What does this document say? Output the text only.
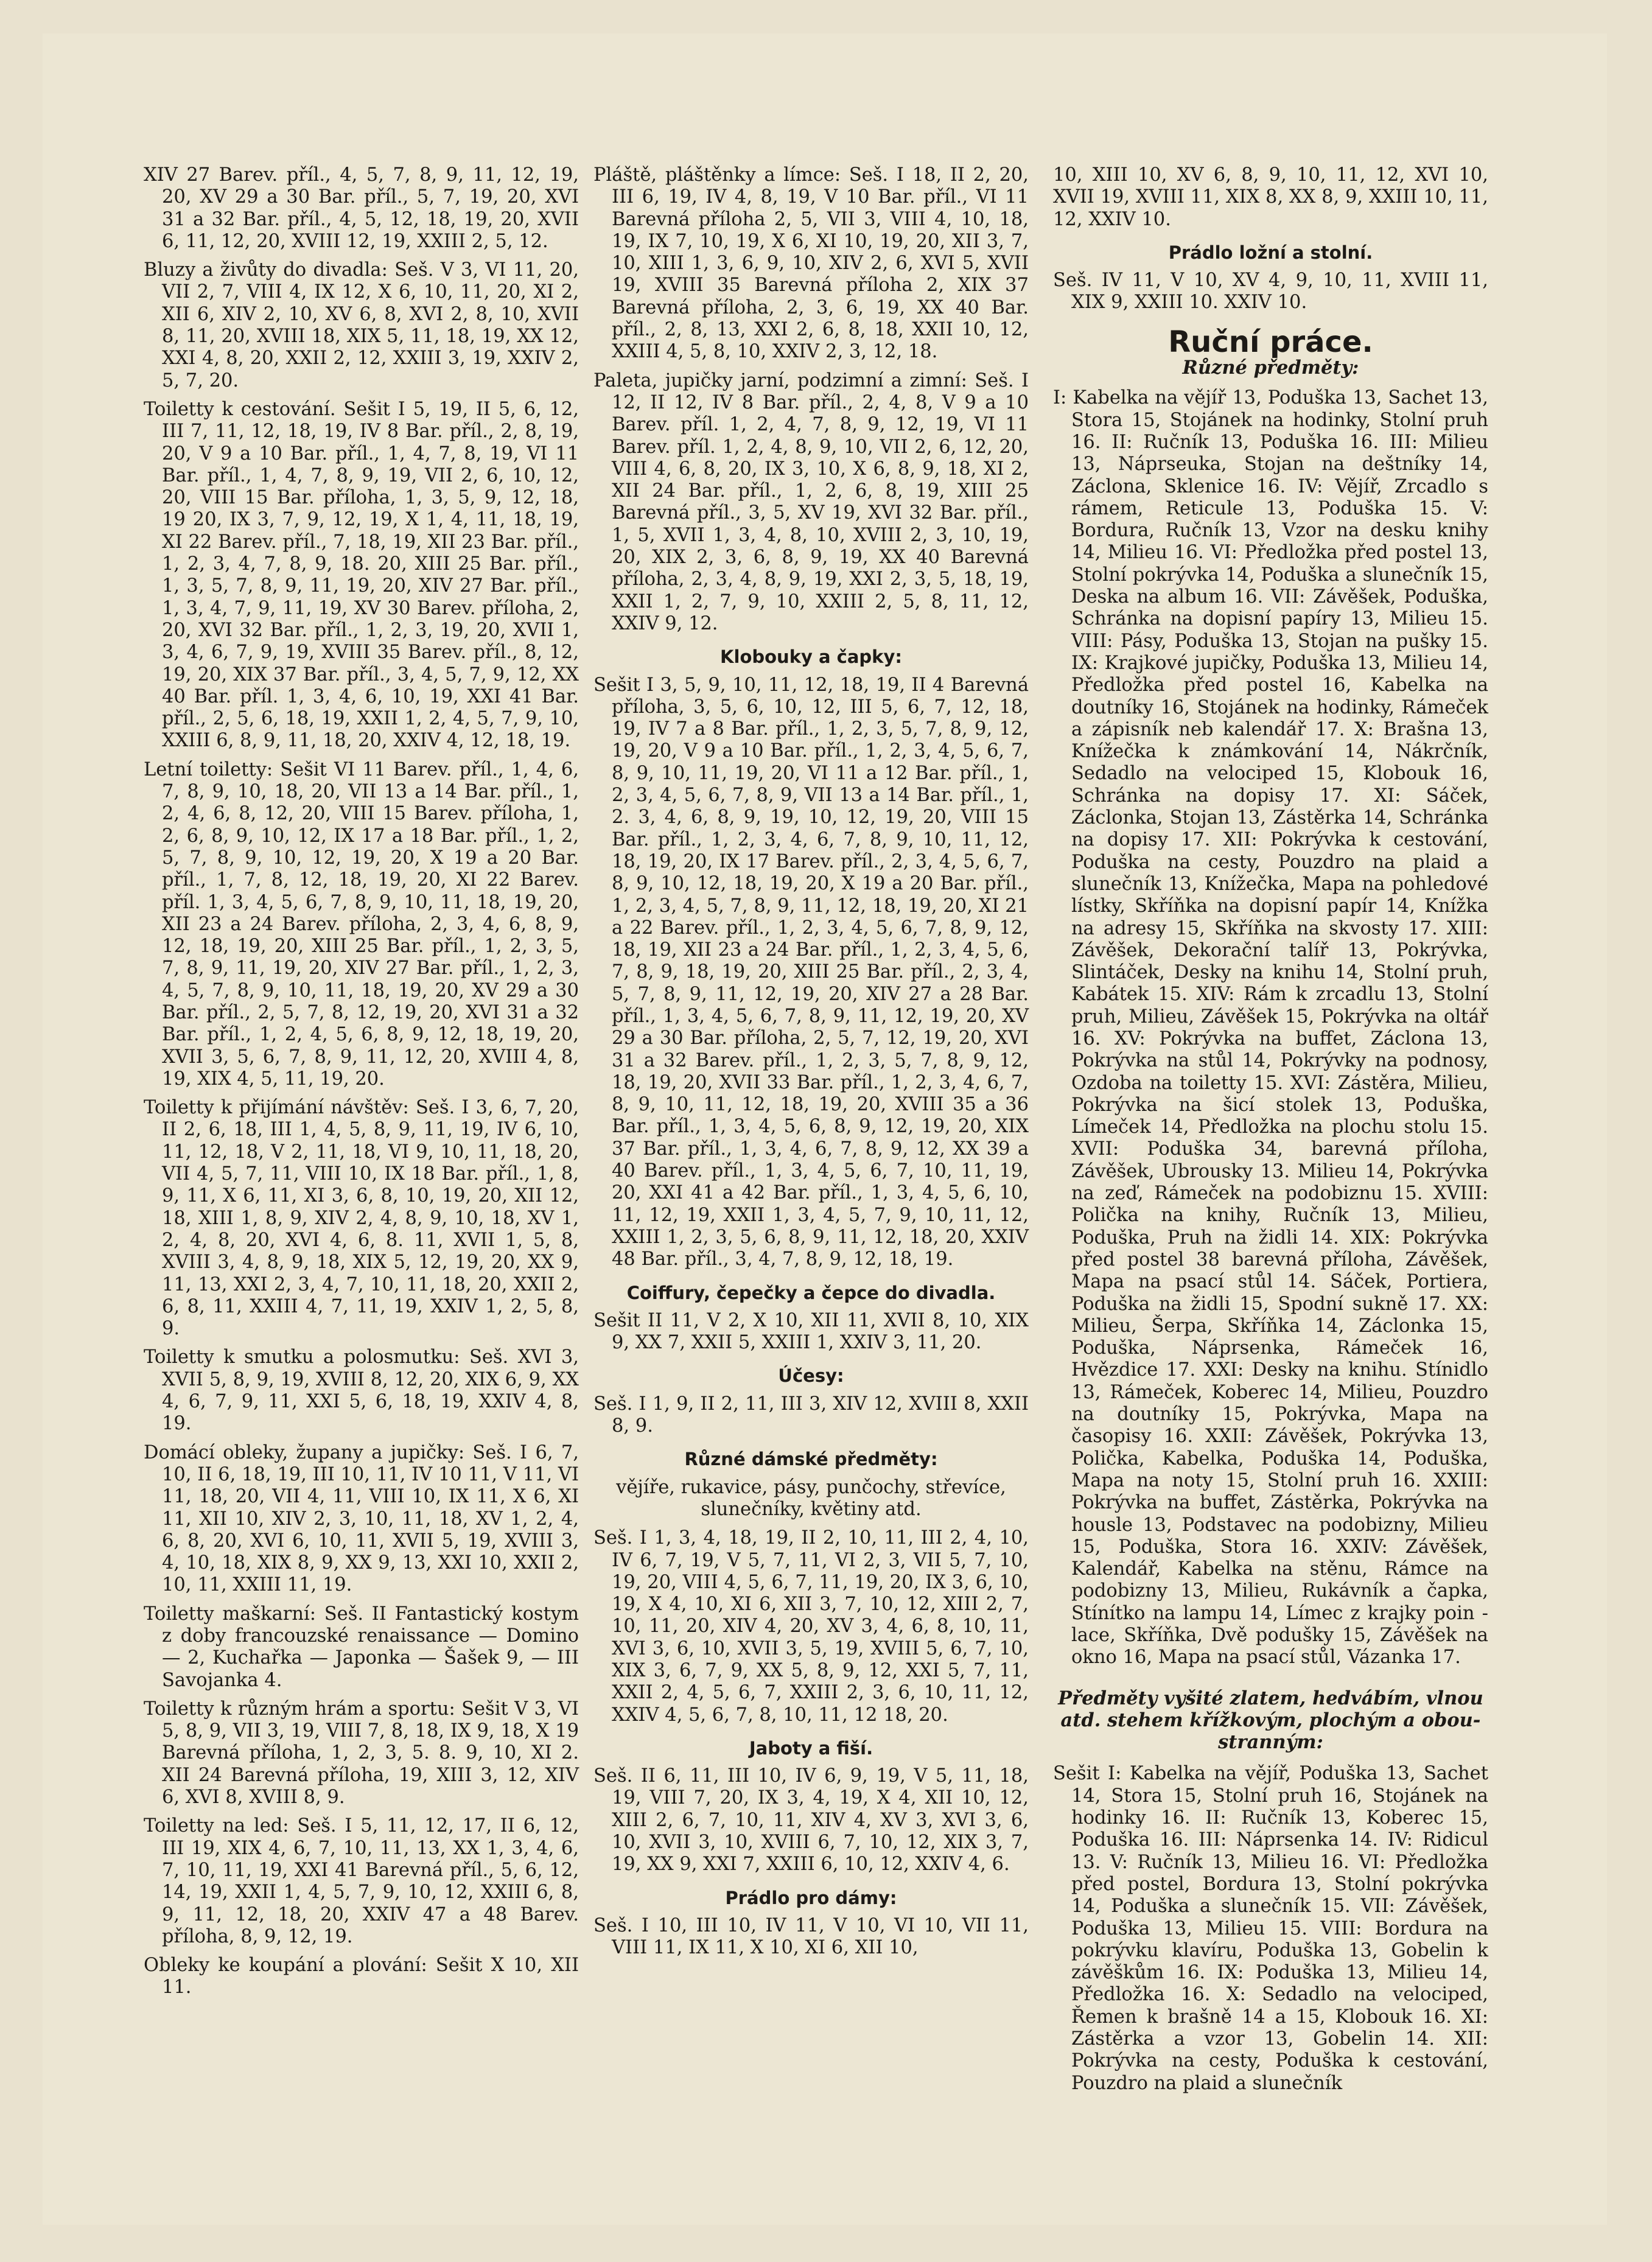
XIV 27 Barev. příl., 4, 5, 7, 8, 9, 11, 12, 19, 20, XV 29 a 30 Bar. příl., 5, 7, 19, 20, XVI 31 a 32 Bar. příl., 4, 5, 12, 18, 19, 20, XVII 6, 11, 12, 20, XVIII 12, 19, XXIII 2, 5, 12.

Bluzy a živůty do divadla: Seš. V 3, VI 11, 20, VII 2, 7, VIII 4, IX 12, X 6, 10, 11, 20, XI 2, XII 6, XIV 2, 10, XV 6, 8, XVI 2, 8, 10, XVII 8, 11, 20, XVIII 18, XIX 5, 11, 18, 19, XX 12, XXI 4, 8, 20, XXII 2, 12, XXIII 3, 19, XXIV 2, 5, 7, 20.

Toiletty k cestování. Sešit I 5, 19, II 5, 6, 12, III 7, 11, 12, 18, 19, IV 8 Bar. příl., 2, 8, 19, 20, V 9 a 10 Bar. příl., 1, 4, 7, 8, 19, VI 11 Bar. příl., 1, 4, 7, 8, 9, 19, VII 2, 6, 10, 12, 20, VIII 15 Bar. příloha, 1, 3, 5, 9, 12, 18, 19 20, IX 3, 7, 9, 12, 19, X 1, 4, 11, 18, 19, XI 22 Barev. příl., 7, 18, 19, XII 23 Bar. příl., 1, 2, 3, 4, 7, 8, 9, 18. 20, XIII 25 Bar. příl., 1, 3, 5, 7, 8, 9, 11, 19, 20, XIV 27 Bar. příl., 1, 3, 4, 7, 9, 11, 19, XV 30 Barev. příloha, 2, 20, XVI 32 Bar. příl., 1, 2, 3, 19, 20, XVII 1, 3, 4, 6, 7, 9, 19, XVIII 35 Barev. příl., 8, 12, 19, 20, XIX 37 Bar. příl., 3, 4, 5, 7, 9, 12, XX 40 Bar. příl. 1, 3, 4, 6, 10, 19, XXI 41 Bar. příl., 2, 5, 6, 18, 19, XXII 1, 2, 4, 5, 7, 9, 10, XXIII 6, 8, 9, 11, 18, 20, XXIV 4, 12, 18, 19.

Letní toiletty: Sešit VI 11 Barev. příl., 1, 4, 6, 7, 8, 9, 10, 18, 20, VII 13 a 14 Bar. příl., 1, 2, 4, 6, 8, 12, 20, VIII 15 Barev. příloha, 1, 2, 6, 8, 9, 10, 12, IX 17 a 18 Bar. příl., 1, 2, 5, 7, 8, 9, 10, 12, 19, 20, X 19 a 20 Bar. příl., 1, 7, 8, 12, 18, 19, 20, XI 22 Barev. příl. 1, 3, 4, 5, 6, 7, 8, 9, 10, 11, 18, 19, 20, XII 23 a 24 Barev. příloha, 2, 3, 4, 6, 8, 9, 12, 18, 19, 20, XIII 25 Bar. příl., 1, 2, 3, 5, 7, 8, 9, 11, 19, 20, XIV 27 Bar. příl., 1, 2, 3, 4, 5, 7, 8, 9, 10, 11, 18, 19, 20, XV 29 a 30 Bar. příl., 2, 5, 7, 8, 12, 19, 20, XVI 31 a 32 Bar. příl., 1, 2, 4, 5, 6, 8, 9, 12, 18, 19, 20, XVII 3, 5, 6, 7, 8, 9, 11, 12, 20, XVIII 4, 8, 19, XIX 4, 5, 11, 19, 20.

Toiletty k přijímání návštěv: Seš. I 3, 6, 7, 20, II 2, 6, 18, III 1, 4, 5, 8, 9, 11, 19, IV 6, 10, 11, 12, 18, V 2, 11, 18, VI 9, 10, 11, 18, 20, VII 4, 5, 7, 11, VIII 10, IX 18 Bar. příl., 1, 8, 9, 11, X 6, 11, XI 3, 6, 8, 10, 19, 20, XII 12, 18, XIII 1, 8, 9, XIV 2, 4, 8, 9, 10, 18, XV 1, 2, 4, 8, 20, XVI 4, 6, 8. 11, XVII 1, 5, 8, XVIII 3, 4, 8, 9, 18, XIX 5, 12, 19, 20, XX 9, 11, 13, XXI 2, 3, 4, 7, 10, 11, 18, 20, XXII 2, 6, 8, 11, XXIII 4, 7, 11, 19, XXIV 1, 2, 5, 8, 9.

Toiletty k smutku a polosmutku: Seš. XVI 3, XVII 5, 8, 9, 19, XVIII 8, 12, 20, XIX 6, 9, XX 4, 6, 7, 9, 11, XXI 5, 6, 18, 19, XXIV 4, 8, 19.

Domácí obleky, župany a jupičky: Seš. I 6, 7, 10, II 6, 18, 19, III 10, 11, IV 10 11, V 11, VI 11, 18, 20, VII 4, 11, VIII 10, IX 11, X 6, XI 11, XII 10, XIV 2, 3, 10, 11, 18, XV 1, 2, 4, 6, 8, 20, XVI 6, 10, 11, XVII 5, 19, XVIII 3, 4, 10, 18, XIX 8, 9, XX 9, 13, XXI 10, XXII 2, 10, 11, XXIII 11, 19.

Toiletty maškarní: Seš. II Fantastický kostym z doby francouzské renaissance — Domino — 2, Kuchařka — Japonka — Šašek 9, — III Savojanka 4.

Toiletty k různým hrám a sportu: Sešit V 3, VI 5, 8, 9, VII 3, 19, VIII 7, 8, 18, IX 9, 18, X 19 Barevná příloha, 1, 2, 3, 5. 8. 9, 10, XI 2. XII 24 Barevná příloha, 19, XIII 3, 12, XIV 6, XVI 8, XVIII 8, 9.

Toiletty na led: Seš. I 5, 11, 12, 17, II 6, 12, III 19, XIX 4, 6, 7, 10, 11, 13, XX 1, 3, 4, 6, 7, 10, 11, 19, XXI 41 Barevná příl., 5, 6, 12, 14, 19, XXII 1, 4, 5, 7, 9, 10, 12, XXIII 6, 8, 9, 11, 12, 18, 20, XXIV 47 a 48 Barev. příloha, 8, 9, 12, 19.

Obleky ke koupání a plování: Sešit X 10, XII 11.

Pláště, pláštěnky a límce: Seš. I 18, II 2, 20, III 6, 19, IV 4, 8, 19, V 10 Bar. příl., VI 11 Barevná příloha 2, 5, VII 3, VIII 4, 10, 18, 19, IX 7, 10, 19, X 6, XI 10, 19, 20, XII 3, 7, 10, XIII 1, 3, 6, 9, 10, XIV 2, 6, XVI 5, XVII 19, XVIII 35 Barevná příloha 2, XIX 37 Barevná příloha, 2, 3, 6, 19, XX 40 Bar. příl., 2, 8, 13, XXI 2, 6, 8, 18, XXII 10, 12, XXIII 4, 5, 8, 10, XXIV 2, 3, 12, 18.

Paleta, jupičky jarní, podzimní a zimní: Seš. I 12, II 12, IV 8 Bar. příl., 2, 4, 8, V 9 a 10 Barev. příl. 1, 2, 4, 7, 8, 9, 12, 19, VI 11 Barev. příl. 1, 2, 4, 8, 9, 10, VII 2, 6, 12, 20, VIII 4, 6, 8, 20, IX 3, 10, X 6, 8, 9, 18, XI 2, XII 24 Bar. příl., 1, 2, 6, 8, 19, XIII 25 Barevná příl., 3, 5, XV 19, XVI 32 Bar. příl., 1, 5, XVII 1, 3, 4, 8, 10, XVIII 2, 3, 10, 19, 20, XIX 2, 3, 6, 8, 9, 19, XX 40 Barevná příloha, 2, 3, 4, 8, 9, 19, XXI 2, 3, 5, 18, 19, XXII 1, 2, 7, 9, 10, XXIII 2, 5, 8, 11, 12, XXIV 9, 12.

Klobouky a čapky:

Sešit I 3, 5, 9, 10, 11, 12, 18, 19, II 4 Barevná příloha, 3, 5, 6, 10, 12, III 5, 6, 7, 12, 18, 19, IV 7 a 8 Bar. příl., 1, 2, 3, 5, 7, 8, 9, 12, 19, 20, V 9 a 10 Bar. příl., 1, 2, 3, 4, 5, 6, 7, 8, 9, 10, 11, 19, 20, VI 11 a 12 Bar. příl., 1, 2, 3, 4, 5, 6, 7, 8, 9, VII 13 a 14 Bar. příl., 1, 2. 3, 4, 6, 8, 9, 19, 10, 12, 19, 20, VIII 15 Bar. příl., 1, 2, 3, 4, 6, 7, 8, 9, 10, 11, 12, 18, 19, 20, IX 17 Barev. příl., 2, 3, 4, 5, 6, 7, 8, 9, 10, 12, 18, 19, 20, X 19 a 20 Bar. příl., 1, 2, 3, 4, 5, 7, 8, 9, 11, 12, 18, 19, 20, XI 21 a 22 Barev. příl., 1, 2, 3, 4, 5, 6, 7, 8, 9, 12, 18, 19, XII 23 a 24 Bar. příl., 1, 2, 3, 4, 5, 6, 7, 8, 9, 18, 19, 20, XIII 25 Bar. příl., 2, 3, 4, 5, 7, 8, 9, 11, 12, 19, 20, XIV 27 a 28 Bar. příl., 1, 3, 4, 5, 6, 7, 8, 9, 11, 12, 19, 20, XV 29 a 30 Bar. příloha, 2, 5, 7, 12, 19, 20, XVI 31 a 32 Barev. příl., 1, 2, 3, 5, 7, 8, 9, 12, 18, 19, 20, XVII 33 Bar. příl., 1, 2, 3, 4, 6, 7, 8, 9, 10, 11, 12, 18, 19, 20, XVIII 35 a 36 Bar. příl., 1, 3, 4, 5, 6, 8, 9, 12, 19, 20, XIX 37 Bar. příl., 1, 3, 4, 6, 7, 8, 9, 12, XX 39 a 40 Barev. příl., 1, 3, 4, 5, 6, 7, 10, 11, 19, 20, XXI 41 a 42 Bar. příl., 1, 3, 4, 5, 6, 10, 11, 12, 19, XXII 1, 3, 4, 5, 7, 9, 10, 11, 12, XXIII 1, 2, 3, 5, 6, 8, 9, 11, 12, 18, 20, XXIV 48 Bar. příl., 3, 4, 7, 8, 9, 12, 18, 19.

Coiffury, čepečky a čepce do divadla.

Sešit II 11, V 2, X 10, XII 11, XVII 8, 10, XIX 9, XX 7, XXII 5, XXIII 1, XXIV 3, 11, 20.

Účesy:

Seš. I 1, 9, II 2, 11, III 3, XIV 12, XVIII 8, XXII 8, 9.

Různé dámské předměty:

vějíře, rukavice, pásy, punčochy, střevíce, slunečníky, květiny atd.

Seš. I 1, 3, 4, 18, 19, II 2, 10, 11, III 2, 4, 10, IV 6, 7, 19, V 5, 7, 11, VI 2, 3, VII 5, 7, 10, 19, 20, VIII 4, 5, 6, 7, 11, 19, 20, IX 3, 6, 10, 19, X 4, 10, XI 6, XII 3, 7, 10, 12, XIII 2, 7, 10, 11, 20, XIV 4, 20, XV 3, 4, 6, 8, 10, 11, XVI 3, 6, 10, XVII 3, 5, 19, XVIII 5, 6, 7, 10, XIX 3, 6, 7, 9, XX 5, 8, 9, 12, XXI 5, 7, 11, XXII 2, 4, 5, 6, 7, XXIII 2, 3, 6, 10, 11, 12, XXIV 4, 5, 6, 7, 8, 10, 11, 12 18, 20.

Jaboty a fiší.

Seš. II 6, 11, III 10, IV 6, 9, 19, V 5, 11, 18, 19, VIII 7, 20, IX 3, 4, 19, X 4, XII 10, 12, XIII 2, 6, 7, 10, 11, XIV 4, XV 3, XVI 3, 6, 10, XVII 3, 10, XVIII 6, 7, 10, 12, XIX 3, 7, 19, XX 9, XXI 7, XXIII 6, 10, 12, XXIV 4, 6.

Prádlo pro dámy:

Seš. I 10, III 10, IV 11, V 10, VI 10, VII 11, VIII 11, IX 11, X 10, XI 6, XII 10,

10, XIII 10, XV 6, 8, 9, 10, 11, 12, XVI 10, XVII 19, XVIII 11, XIX 8, XX 8, 9, XXIII 10, 11, 12, XXIV 10.

Prádlo ložní a stolní.

Seš. IV 11, V 10, XV 4, 9, 10, 11, XVIII 11, XIX 9, XXIII 10. XXIV 10.

Ruční práce.
Různé předměty:

I: Kabelka na vějíř 13, Poduška 13, Sachet 13, Stora 15, Stojánek na hodinky, Stolní pruh 16. II: Ručník 13, Poduška 16. III: Milieu 13, Náprseuka, Stojan na deštníky 14, Záclona, Sklenice 16. IV: Vějíř, Zrcadlo s rámem, Reticule 13, Poduška 15. V: Bordura, Ručník 13, Vzor na desku knihy 14, Milieu 16. VI: Předložka před postel 13, Stolní pokrývka 14, Poduška a slunečník 15, Deska na album 16. VII: Závěšek, Poduška, Schránka na dopisní papíry 13, Milieu 15. VIII: Pásy, Poduška 13, Stojan na pušky 15. IX: Krajkové jupičky, Poduška 13, Milieu 14, Předložka před postel 16, Kabelka na doutníky 16, Stojánek na hodinky, Rámeček a zápisník neb kalendář 17. X: Brašna 13, Knížečka k známkování 14, Nákrčník, Sedadlo na velociped 15, Klobouk 16, Schránka na dopisy 17. XI: Sáček, Záclonka, Stojan 13, Zástěrka 14, Schránka na dopisy 17. XII: Pokrývka k cestování, Poduška na cesty, Pouzdro na plaid a slunečník 13, Knížečka, Mapa na pohledové lístky, Skříňka na dopisní papír 14, Knížka na adresy 15, Skříňka na skvosty 17. XIII: Závěšek, Dekorační talíř 13, Pokrývka, Slintáček, Desky na knihu 14, Stolní pruh, Kabátek 15. XIV: Rám k zrcadlu 13, Stolní pruh, Milieu, Závěšek 15, Pokrývka na oltář 16. XV: Pokrývka na buffet, Záclona 13, Pokrývka na stůl 14, Pokrývky na podnosy, Ozdoba na toiletty 15. XVI: Zástěra, Milieu, Pokrývka na šicí stolek 13, Poduška, Límeček 14, Předložka na plochu stolu 15. XVII: Poduška 34, barevná příloha, Závěšek, Ubrousky 13. Milieu 14, Pokrývka na zeď, Rámeček na podobiznu 15. XVIII: Polička na knihy, Ručník 13, Milieu, Poduška, Pruh na židli 14. XIX: Pokrývka před postel 38 barevná příloha, Závěšek, Mapa na psací stůl 14. Sáček, Portiera, Poduška na židli 15, Spodní sukně 17. XX: Milieu, Šerpa, Skříňka 14, Záclonka 15, Poduška, Náprsenka, Rámeček 16, Hvězdice 17. XXI: Desky na knihu. Stínidlo 13, Rámeček, Koberec 14, Milieu, Pouzdro na doutníky 15, Pokrývka, Mapa na časopisy 16. XXII: Závěšek, Pokrývka 13, Polička, Kabelka, Poduška 14, Poduška, Mapa na noty 15, Stolní pruh 16. XXIII: Pokrývka na buffet, Zástěrka, Pokrývka na housle 13, Podstavec na podobizny, Milieu 15, Poduška, Stora 16. XXIV: Závěšek, Kalendář, Kabelka na stěnu, Rámce na podobizny 13, Milieu, Rukávník a čapka, Stínítko na lampu 14, Límec z krajky poin - lace, Skříňka, Dvě podušky 15, Závěšek na okno 16, Mapa na psací stůl, Vázanka 17.

Předměty vyšité zlatem, hedvábím, vlnou
atd. stehem křížkovým, plochým a obou-
stranným:

Sešit I: Kabelka na vějíř, Poduška 13, Sachet 14, Stora 15, Stolní pruh 16, Stojánek na hodinky 16. II: Ručník 13, Koberec 15, Poduška 16. III: Náprsenka 14. IV: Ridicul 13. V: Ručník 13, Milieu 16. VI: Předložka před postel, Bordura 13, Stolní pokrývka 14, Poduška a slunečník 15. VII: Závěšek, Poduška 13, Milieu 15. VIII: Bordura na pokrývku klavíru, Poduška 13, Gobelin k závěškům 16. IX: Poduška 13, Milieu 14, Předložka 16. X: Sedadlo na velociped, Řemen k brašně 14 a 15, Klobouk 16. XI: Zástěrka a vzor 13, Gobelin 14. XII: Pokrývka na cesty, Poduška k cestování, Pouzdro na plaid a slunečník
